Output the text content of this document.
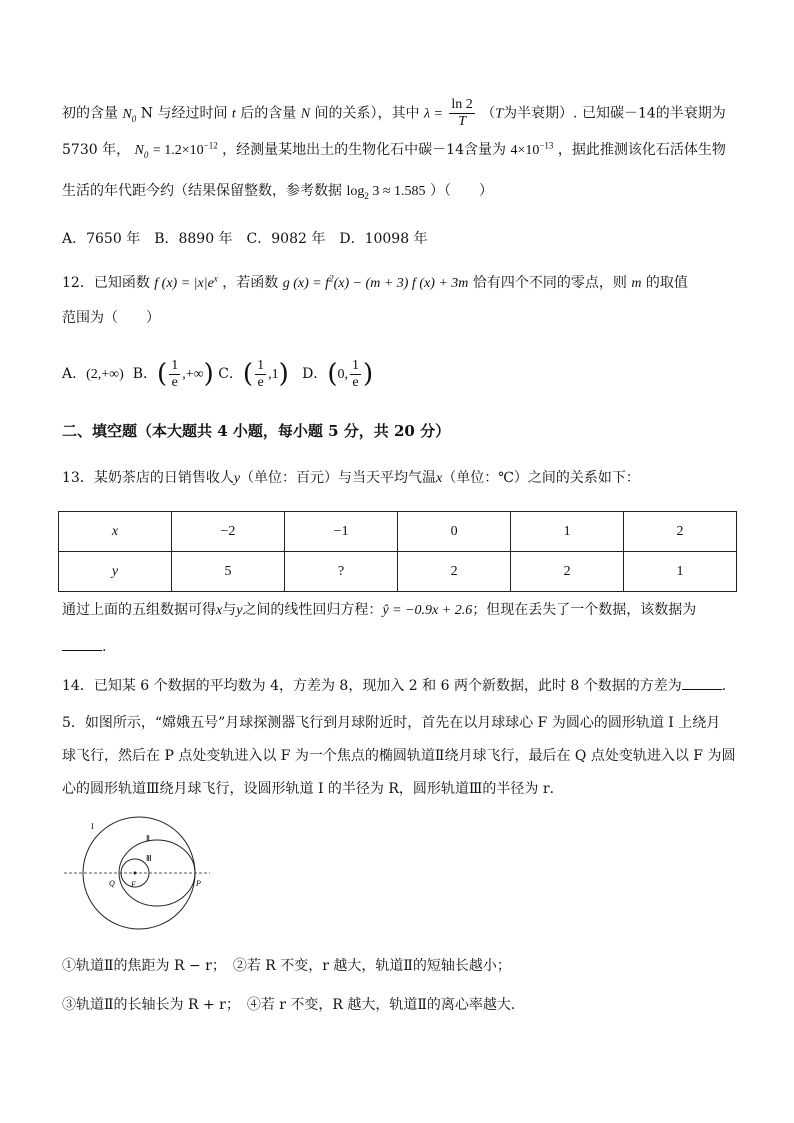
初的含量 $N_0$ N 与经过时间 t 后的含量 N 间的关系），其中 $\lambda = \frac{\ln 2}{T} (T$为半衰期）. 已知碳－14的半衰期为
5730 年， $N_0 = 1.2\times 10^{-12}$ ，经测量某地出土的生物化石中碳－14含量为 $4\times 10^{-13}$ ，据此推测该化石活体生物
生活的年代距今约（结果保留整数，参考数据 $\log_2 3 \approx 1.585$ ）（　　）
A．7650 年　B．8890 年　C．9082 年　D．10098 年
12．已知函数 f $(x) = |x|e^x$ ，若函数 g $(x) = f^2(x) - (m + 3)$ f (x) + 3m 恰有四个不同的零点，则 m 的取值
范围为（　　）
A．(2,+∞) B．( $\frac{1}{e}$ ,+∞) C．( $\frac{1}{e} ,1$) D．(0, $\frac{1}{e}$ )
二、填空题（本大题共 4 小题，每小题 5 分，共 20 分）
13．某奶茶店的日销售收人y（单位：百元）与当天平均气温x（单位：℃）之间的关系如下：
x	−2	−1	0	1	2
y	5	?	2	2	1
通过上面的五组数据可得x与y之间的线性回归方程：ŷ = −0.9x + 2.6；但现在丢失了一个数据，该数据为
.
14．已知某 6 个数据的平均数为 4，方差为 8，现加入 2 和 6 两个新数据，此时 8 个数据的方差为	.
5．如图所示，“嫦娥五号”月球探测器飞行到月球附近时，首先在以月球球心 F 为圆心的圆形轨道 I 上绕月
球飞行，然后在 P 点处变轨进入以 F 为一个焦点的椭圆轨道Ⅱ绕月球飞行，最后在 Q 点处变轨进入以 F 为圆
心的圆形轨道Ⅲ绕月球飞行，设圆形轨道 I 的半径为 R，圆形轨道Ⅲ的半径为 r．
I
Ⅱ
Ⅲ
Q F	P
①轨道Ⅱ的焦距为 R − r；　②若 R 不变，r 越大，轨道Ⅱ的短轴长越小；
③轨道Ⅱ的长轴长为 R + r；　④若 r 不变，R 越大，轨道Ⅱ的离心率越大．
